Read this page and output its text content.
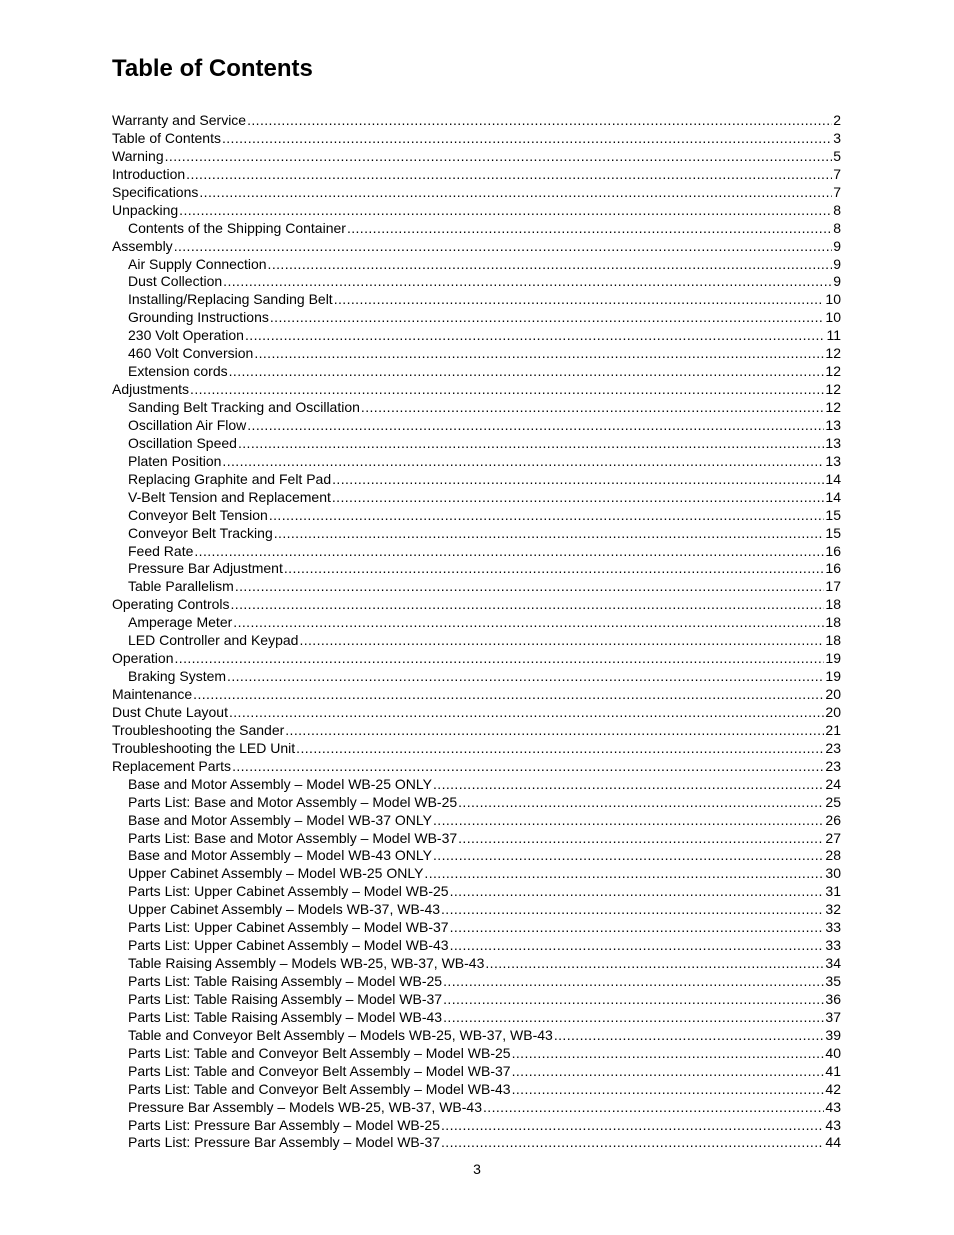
Table of Contents
Warranty and Service .....	2
Table of Contents .....	3
Warning .....	5
Introduction .....	7
Specifications .....	7
Unpacking .....	8
Contents of the Shipping Container .....	8
Assembly .....	9
Air Supply Connection .....	9
Dust Collection .....	9
Installing/Replacing Sanding Belt .....	10
Grounding Instructions .....	10
230 Volt Operation .....	11
460 Volt Conversion .....	12
Extension cords .....	12
Adjustments .....	12
Sanding Belt Tracking and Oscillation .....	12
Oscillation Air Flow .....	13
Oscillation Speed .....	13
Platen Position .....	13
Replacing Graphite and Felt Pad .....	14
V-Belt Tension and Replacement .....	14
Conveyor Belt Tension .....	15
Conveyor Belt Tracking .....	15
Feed Rate .....	16
Pressure Bar Adjustment .....	16
Table Parallelism .....	17
Operating Controls .....	18
Amperage Meter .....	18
LED Controller and Keypad .....	18
Operation .....	19
Braking System .....	19
Maintenance .....	20
Dust Chute Layout .....	20
Troubleshooting the Sander .....	21
Troubleshooting the LED Unit .....	23
Replacement Parts .....	23
Base and Motor Assembly – Model WB-25 ONLY .....	24
Parts List: Base and Motor Assembly – Model WB-25 .....	25
Base and Motor Assembly – Model WB-37 ONLY .....	26
Parts List: Base and Motor Assembly – Model WB-37 .....	27
Base and Motor Assembly – Model WB-43 ONLY .....	28
Upper Cabinet Assembly – Model WB-25 ONLY .....	30
Parts List: Upper Cabinet Assembly – Model WB-25 .....	31
Upper Cabinet Assembly – Models WB-37, WB-43 .....	32
Parts List: Upper Cabinet Assembly – Model WB-37 .....	33
Parts List: Upper Cabinet Assembly – Model WB-43 .....	33
Table Raising Assembly – Models WB-25, WB-37, WB-43 .....	34
Parts List: Table Raising Assembly – Model WB-25 .....	35
Parts List: Table Raising Assembly – Model WB-37 .....	36
Parts List: Table Raising Assembly – Model WB-43 .....	37
Table and Conveyor Belt Assembly – Models WB-25, WB-37, WB-43 .....	39
Parts List: Table and Conveyor Belt Assembly – Model WB-25 .....	40
Parts List: Table and Conveyor Belt Assembly – Model WB-37 .....	41
Parts List: Table and Conveyor Belt Assembly – Model WB-43 .....	42
Pressure Bar Assembly – Models WB-25, WB-37, WB-43 .....	43
Parts List: Pressure Bar Assembly – Model WB-25 .....	43
Parts List: Pressure Bar Assembly – Model WB-37 .....	44
3
